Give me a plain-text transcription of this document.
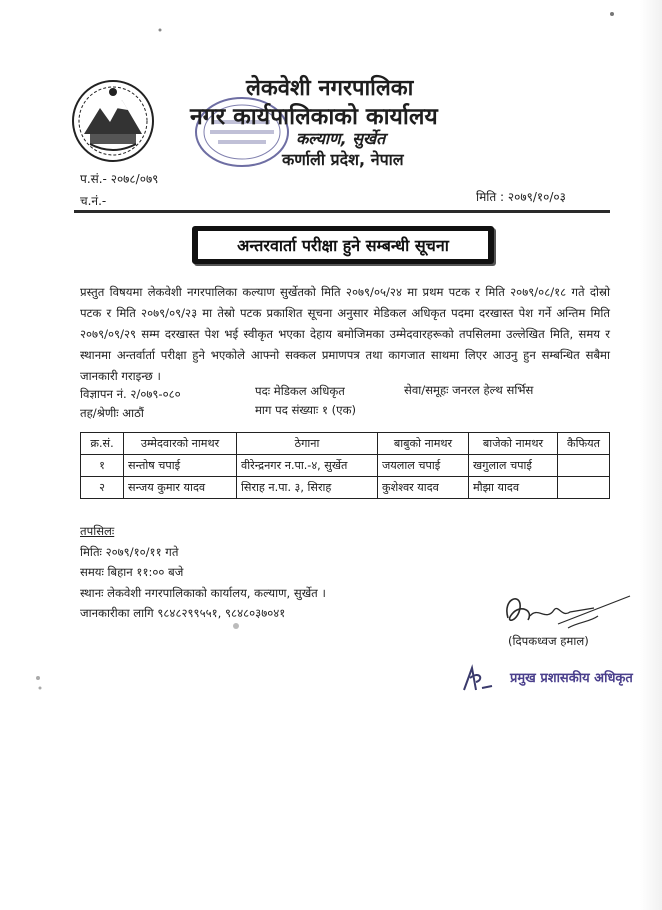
लेकवेशी नगरपालिका
नगर कार्यपालिकाको कार्यालय
कल्याण, सुर्खेत
कर्णाली प्रदेश, नेपाल
प.सं.- २०७८/०७९
च.नं.-	मिति : २०७९/१०/०३
अन्तरवार्ता परीक्षा हुने सम्बन्धी सूचना
प्रस्तुत विषयमा लेकवेशी नगरपालिका कल्याण सुर्खेतको मिति २०७९/०५/२४ मा प्रथम पटक र मिति २०७९/०८/१८ गते दोस्रो पटक र मिति २०७९/०९/२३ मा तेस्रो पटक प्रकाशित सूचना अनुसार मेडिकल अधिकृत पदमा दरखास्त पेश गर्ने अन्तिम मिति २०७९/०९/२९ सम्म दरखास्त पेश भई स्वीकृत भएका देहाय बमोजिमका उम्मेदवारहरूको तपसिलमा उल्लेखित मिति, समय र स्थानमा अन्तर्वार्ता परीक्षा हुने भएकोले आफ्नो सक्कल प्रमाणपत्र तथा कागजात साथमा लिएर आउनु हुन सम्बन्धित सबैमा जानकारी गराइन्छ ।
विज्ञापन नं. २/०७९-०८०	पदः मेडिकल अधिकृत	सेवा/समूहः जनरल हेल्थ सर्भिस
तह/श्रेणीः आठौं	माग पद संख्याः १ (एक)
क्र.सं.	उम्मेदवारको नामथर	ठेगाना	बाबुको नामथर	बाजेको नामथर	कैफियत
१	सन्तोष चपाई	वीरेन्द्रनगर न.पा.-४, सुर्खेत	जयलाल चपाई	खगुलाल चपाई	
२	सन्जय कुमार यादव	सिराह न.पा. ३, सिराह	कुशेश्वर यादव	मौझा यादव	
तपसिलः
मितिः २०७९/१०/११ गते
समयः बिहान ११:०० बजे
स्थानः लेकवेशी नगरपालिकाको कार्यालय, कल्याण, सुर्खेत ।
जानकारीका लागि ९८४८२९९५५१, ९८४८०३७०४१
(दिपकध्वज हमाल)
प्रमुख प्रशासकीय अधिकृत
